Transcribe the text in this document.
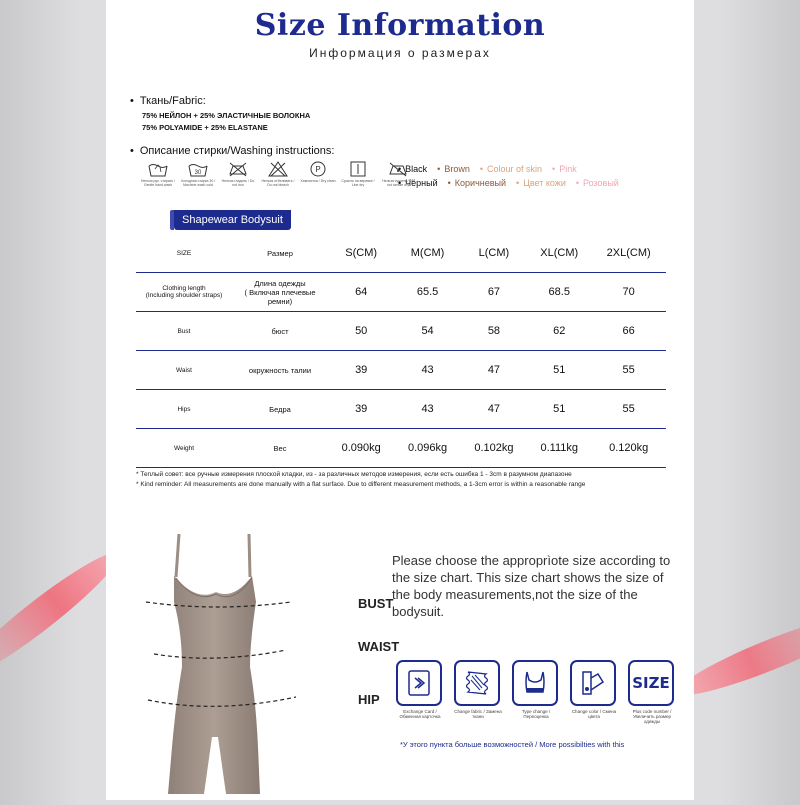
Size Information
Информация о размерах
• Ткань/Fabric:
75% НЕЙЛОН + 25% ЭЛАСТИЧНЫЕ ВОЛОКНА
75% POLYAMIDE + 25% ELASTANE
• Описание стирки/Washing instructions:
Нельзя рук. стирать / Gentle hand wash
30
Холодная стирка 30 / Machine wash cold
Нельзя гладить / Do not iron
Нельзя отбеливать / Do not bleach
P
Химчистка / Dry clean	Сушить на веревке / Line dry
Нельзя сушить / Do not tumble dry
• Black	• Brown	• Colour of skin	• Pink
• Чёрный	• Коричневый	• Цвет кожи	• Розовый
Shapewear Bodysuit
SIZE	Размер	S(CM)	M(CM)	L(CM)	XL(CM)	2XL(CM)
Clothing length
(Including shoulder straps)	Длина одежды
( Включая плечевые ремни)	64	65.5	67	68.5	70
Bust	бюст	50	54	58	62	66
Waist	окружность талии	39	43	47	51	55
Hips	Бедра	39	43	47	51	55
Weight	Вес	0.090kg	0.096kg	0.102kg	0.111kg	0.120kg
* Теплый совет: все ручные измерения плоской кладки, из - за различных методов измерения, если есть ошибка 1 - 3cm в разумном диапазоне
* Kind reminder: All measurements are done manually with a flat surface. Due to different measurement methods, a 1-3cm error is within a reasonable range
BUST
WAIST
HIP
Please choose the approprìote size according to the size chart. This size chart shows the size of the body measurements,not the size of the bodysuit.
Exchange Card / Обменная карточка
Change fabric / Замена ткани
Type change / Переоценка
Change color / Смена цвета
SIZE
Plus code number / Увеличить размер одежды
*У этого пункта больше возможностей / More possibilties with this
